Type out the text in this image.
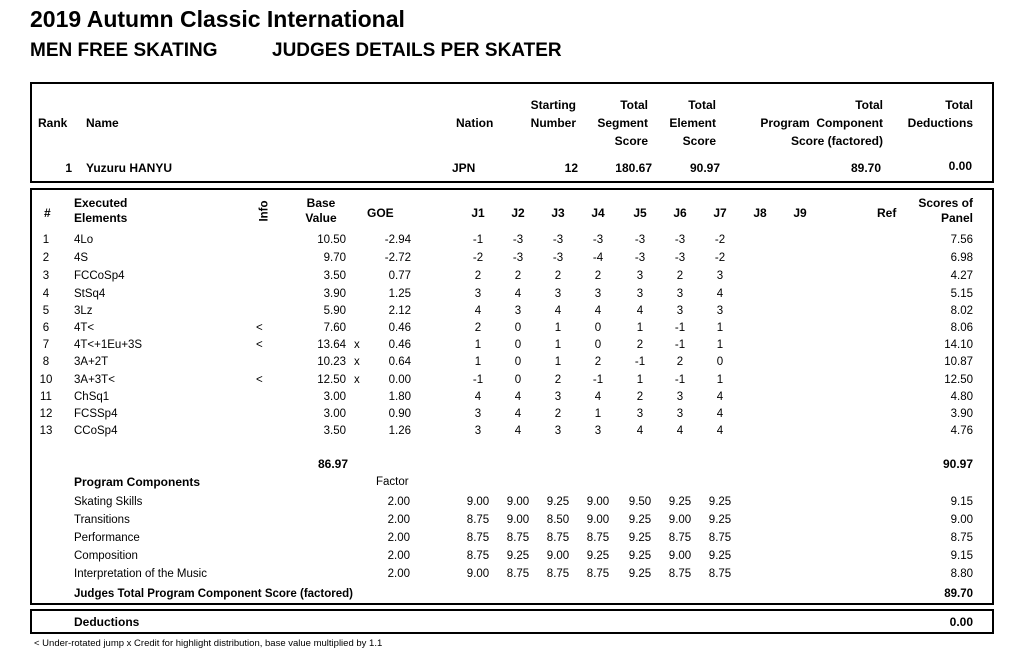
2019 Autumn Classic International
MEN FREE SKATING	JUDGES DETAILS PER SKATER
Rank Name	Nation
Starting
Number
Total
Segment
Score
Total
Element
Score
Total
Program  Component
Score (factored)
Total
Deductions
1 Yuzuru HANYU	JPN	12	180.67	90.97	89.70	0.00
#
Executed
Elements	Info	Base
Value	GOE	J1	J2	J3	J4	J5	J6	J7	J8	J9	Ref
Scores of
Panel
1	4Lo	10.50	-2.94	-1	-3	-3	-3	-3	-3	-2	7.56
2	4S	9.70	-2.72	-2	-3	-3	-4	-3	-3	-2	6.98
3	FCCoSp4	3.50	0.77	2	2	2	2	3	2	3	4.27
4	StSq4	3.90	1.25	3	4	3	3	3	3	4	5.15
5	3Lz	5.90	2.12	4	3	4	4	4	3	3	8.02
6	4T<	<	7.60	0.46	2	0	1	0	1	-1	1	8.06
7	4T<+1Eu+3S	<	13.64 x	0.46	1	0	1	0	2	-1	1	14.10
8	3A+2T	10.23 x	0.64	1	0	1	2	-1	2	0	10.87
10	3A+3T<	<	12.50 x	0.00	-1	0	2	-1	1	-1	1	12.50
11	ChSq1	3.00	1.80	4	4	3	4	2	3	4	4.80
12	FCSSp4	3.00	0.90	3	4	2	1	3	3	4	3.90
13	CCoSp4	3.50	1.26	3	4	3	3	4	4	4	4.76
86.97	90.97
Program Components	Factor
Skating Skills	2.00	9.00	9.00	9.25	9.00	9.50	9.25	9.25	9.15
Transitions	2.00	8.75	9.00	8.50	9.00	9.25	9.00	9.25	9.00
Performance	2.00	8.75	8.75	8.75	8.75	9.25	8.75	8.75	8.75
Composition	2.00	8.75	9.25	9.00	9.25	9.25	9.00	9.25	9.15
Interpretation of the Music	2.00	9.00	8.75	8.75	8.75	9.25	8.75	8.75	8.80
Judges Total Program Component Score (factored)	89.70
Deductions	0.00
< Under-rotated jump x Credit for highlight distribution, base value multiplied by 1.1
